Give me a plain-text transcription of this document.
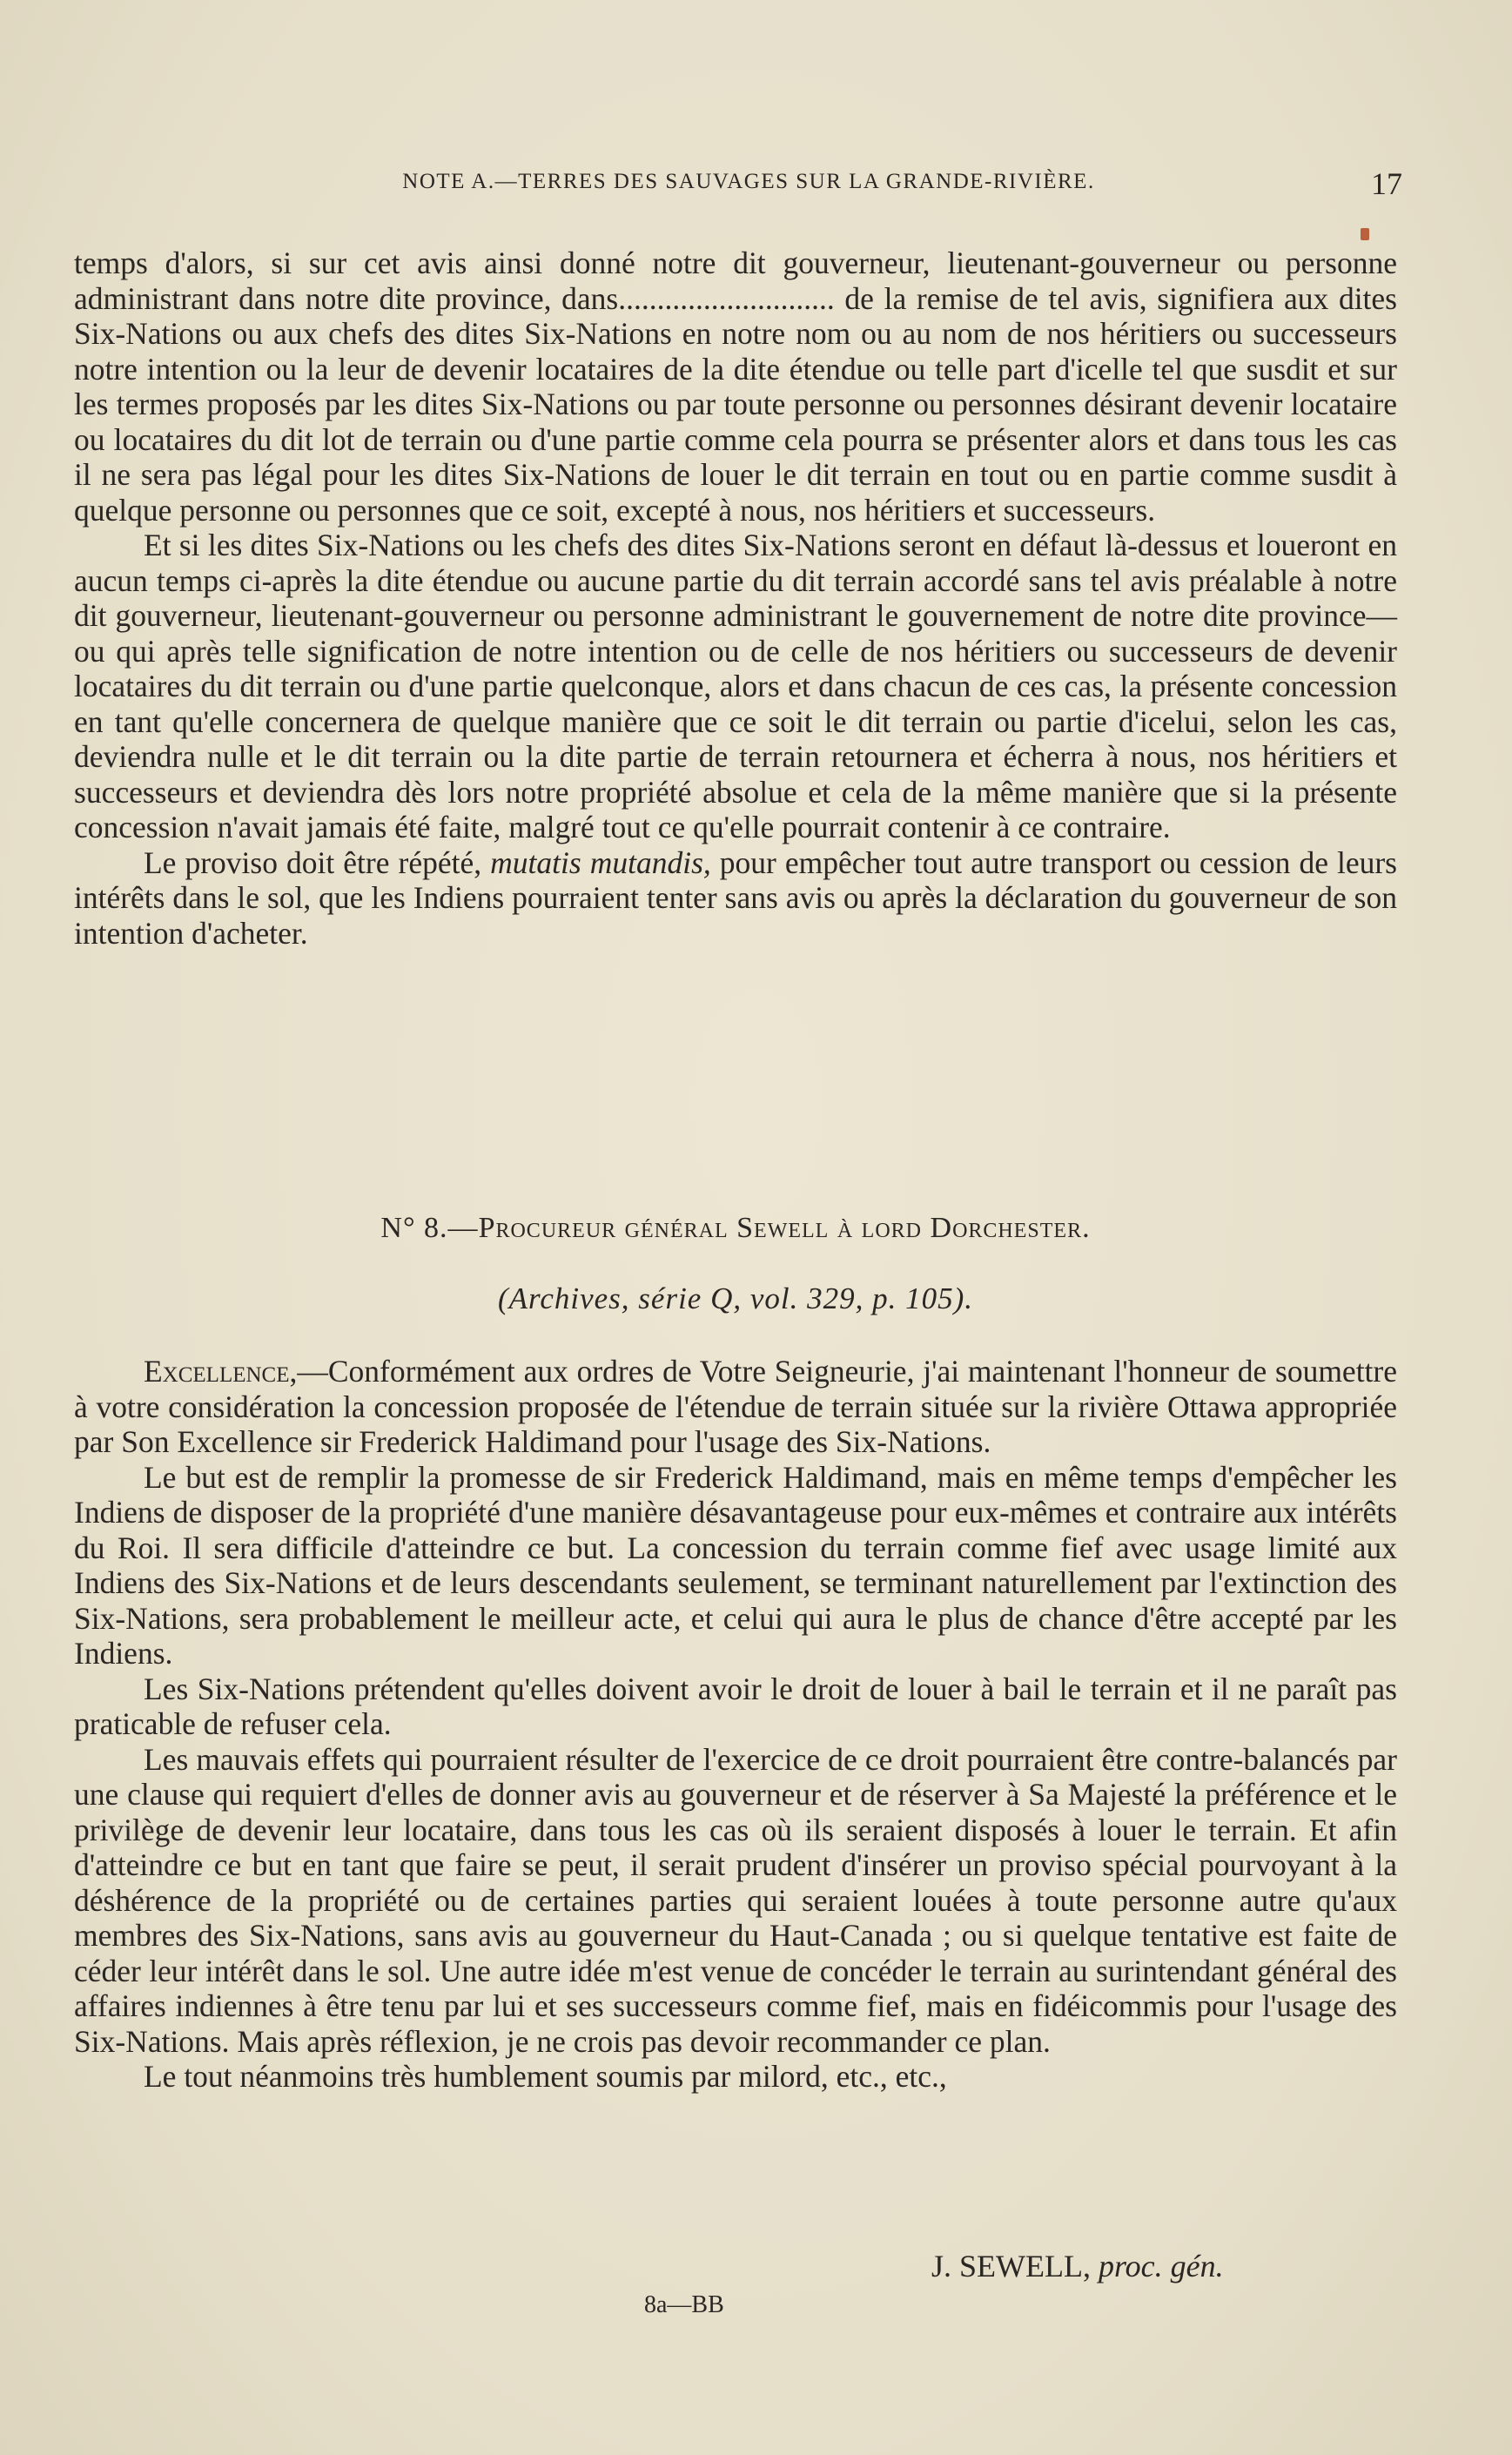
NOTE A.—TERRES DES SAUVAGES SUR LA GRANDE-RIVIÈRE.	17

temps d'alors, si sur cet avis ainsi donné notre dit gouverneur, lieutenant-gouverneur ou personne administrant dans notre dite province, dans............................ de la remise de tel avis, signifiera aux dites Six-Nations ou aux chefs des dites Six-Nations en notre nom ou au nom de nos héritiers ou successeurs notre intention ou la leur de devenir locataires de la dite étendue ou telle part d'icelle tel que susdit et sur les termes proposés par les dites Six-Nations ou par toute personne ou personnes désirant devenir locataire ou locataires du dit lot de terrain ou d'une partie comme cela pourra se présenter alors et dans tous les cas il ne sera pas légal pour les dites Six-Nations de louer le dit terrain en tout ou en partie comme susdit à quelque personne ou personnes que ce soit, excepté à nous, nos héritiers et successeurs.

Et si les dites Six-Nations ou les chefs des dites Six-Nations seront en défaut là-dessus et loueront en aucun temps ci-après la dite étendue ou aucune partie du dit terrain accordé sans tel avis préalable à notre dit gouverneur, lieutenant-gouverneur ou personne administrant le gouvernement de notre dite province—ou qui après telle signification de notre intention ou de celle de nos héritiers ou successeurs de devenir locataires du dit terrain ou d'une partie quelconque, alors et dans chacun de ces cas, la présente concession en tant qu'elle concernera de quelque manière que ce soit le dit terrain ou partie d'icelui, selon les cas, deviendra nulle et le dit terrain ou la dite partie de terrain retournera et écherra à nous, nos héritiers et successeurs et deviendra dès lors notre propriété absolue et cela de la même manière que si la présente concession n'avait jamais été faite, malgré tout ce qu'elle pourrait contenir à ce contraire.

Le proviso doit être répété, mutatis mutandis, pour empêcher tout autre transport ou cession de leurs intérêts dans le sol, que les Indiens pourraient tenter sans avis ou après la déclaration du gouverneur de son intention d'acheter.

N° 8.—Procureur général Sewell à lord Dorchester.
(Archives, série Q, vol. 329, p. 105).

Excellence,—Conformément aux ordres de Votre Seigneurie, j'ai maintenant l'honneur de soumettre à votre considération la concession proposée de l'étendue de terrain située sur la rivière Ottawa appropriée par Son Excellence sir Frederick Haldimand pour l'usage des Six-Nations.

Le but est de remplir la promesse de sir Frederick Haldimand, mais en même temps d'empêcher les Indiens de disposer de la propriété d'une manière désavantageuse pour eux-mêmes et contraire aux intérêts du Roi. Il sera difficile d'atteindre ce but. La concession du terrain comme fief avec usage limité aux Indiens des Six-Nations et de leurs descendants seulement, se terminant naturellement par l'extinction des Six-Nations, sera probablement le meilleur acte, et celui qui aura le plus de chance d'être accepté par les Indiens.

Les Six-Nations prétendent qu'elles doivent avoir le droit de louer à bail le terrain et il ne paraît pas praticable de refuser cela.

Les mauvais effets qui pourraient résulter de l'exercice de ce droit pourraient être contre-balancés par une clause qui requiert d'elles de donner avis au gouverneur et de réserver à Sa Majesté la préférence et le privilège de devenir leur locataire, dans tous les cas où ils seraient disposés à louer le terrain. Et afin d'atteindre ce but en tant que faire se peut, il serait prudent d'insérer un proviso spécial pourvoyant à la déshérence de la propriété ou de certaines parties qui seraient louées à toute personne autre qu'aux membres des Six-Nations, sans avis au gouverneur du Haut-Canada ; ou si quelque tentative est faite de céder leur intérêt dans le sol. Une autre idée m'est venue de concéder le terrain au surintendant général des affaires indiennes à être tenu par lui et ses successeurs comme fief, mais en fidéicommis pour l'usage des Six-Nations. Mais après réflexion, je ne crois pas devoir recommander ce plan.

Le tout néanmoins très humblement soumis par milord, etc., etc.,

J. SEWELL, proc. gén.
8a—BB
